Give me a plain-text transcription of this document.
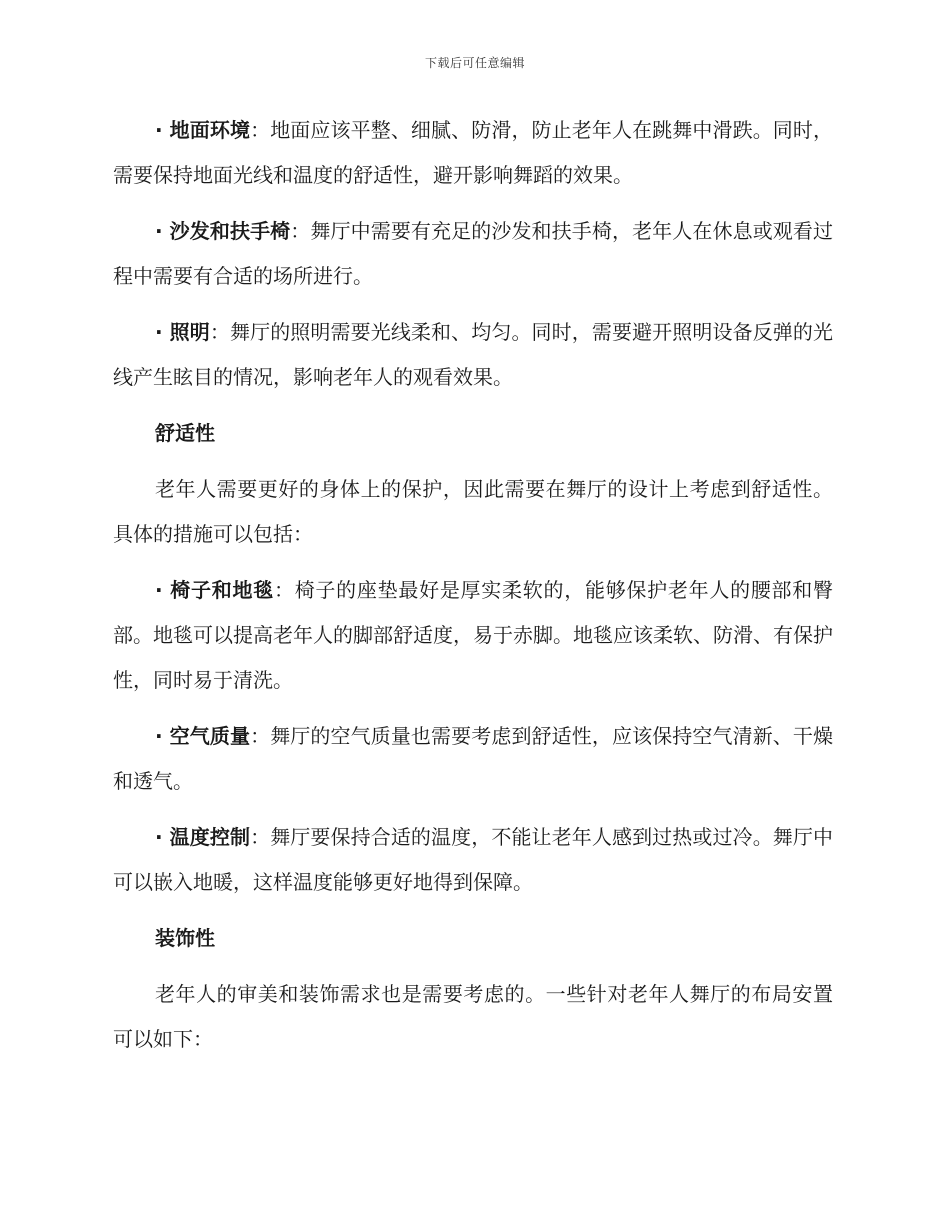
下载后可任意编辑

· 地面环境：地面应该平整、细腻、防滑，防止老年人在跳舞中滑跌。同时，需要保持地面光线和温度的舒适性，避开影响舞蹈的效果。

· 沙发和扶手椅：舞厅中需要有充足的沙发和扶手椅，老年人在休息或观看过程中需要有合适的场所进行。

· 照明：舞厅的照明需要光线柔和、均匀。同时，需要避开照明设备反弹的光线产生眩目的情况，影响老年人的观看效果。

舒适性

老年人需要更好的身体上的保护，因此需要在舞厅的设计上考虑到舒适性。具体的措施可以包括：

· 椅子和地毯：椅子的座垫最好是厚实柔软的，能够保护老年人的腰部和臀部。地毯可以提高老年人的脚部舒适度，易于赤脚。地毯应该柔软、防滑、有保护性，同时易于清洗。

· 空气质量：舞厅的空气质量也需要考虑到舒适性，应该保持空气清新、干燥和透气。

· 温度控制：舞厅要保持合适的温度，不能让老年人感到过热或过冷。舞厅中可以嵌入地暖，这样温度能够更好地得到保障。

装饰性

老年人的审美和装饰需求也是需要考虑的。一些针对老年人舞厅的布局安置可以如下：
